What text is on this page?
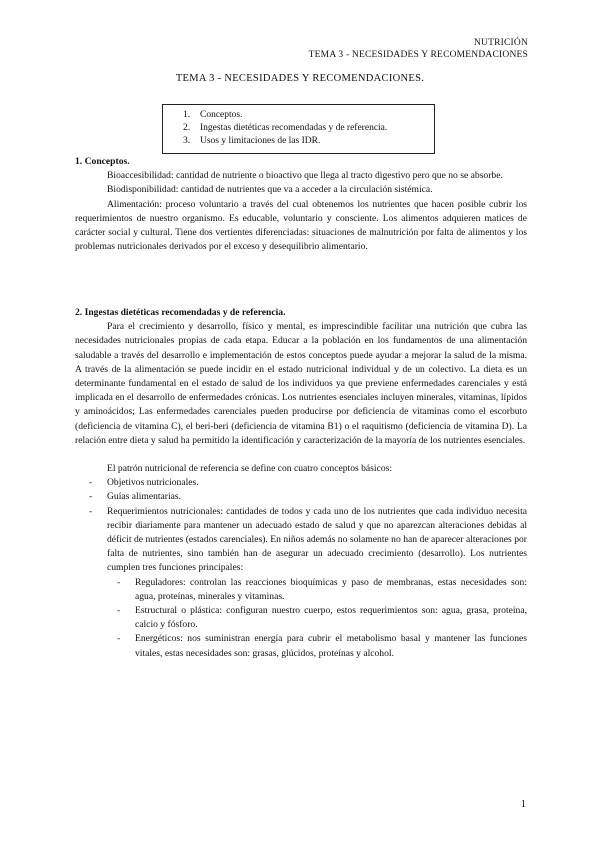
NUTRICIÓN
TEMA 3 - NECESIDADES Y RECOMENDACIONES
TEMA 3 - NECESIDADES Y RECOMENDACIONES.
1.	Conceptos.
2.	Ingestas dietéticas recomendadas y de referencia.
3.	Usos y limitaciones de las IDR.

1. Conceptos.

Bioaccesibilidad: cantidad de nutriente o bioactivo que llega al tracto digestivo pero que no se absorbe.

Biodisponibilidad: cantidad de nutrientes que va a acceder a la circulación sistémica.

Alimentación: proceso voluntario a través del cual obtenemos los nutrientes que hacen posible cubrir los requerimientos de nuestro organismo. Es educable, voluntario y consciente. Los alimentos adquieren matices de carácter social y cultural. Tiene dos vertientes diferenciadas: situaciones de malnutrición por falta de alimentos y los problemas nutricionales derivados por el exceso y desequilibrio alimentario.

2. Ingestas dietéticas recomendadas y de referencia.

Para el crecimiento y desarrollo, físico y mental, es imprescindible facilitar una nutrición que cubra las necesidades nutricionales propias de cada etapa. Educar a la población en los fundamentos de una alimentación saludable a través del desarrollo e implementación de estos conceptos puede ayudar a mejorar la salud de la misma. A través de la alimentación se puede incidir en el estado nutricional individual y de un colectivo. La dieta es un determinante fundamental en el estado de salud de los individuos ya que previene enfermedades carenciales y está implicada en el desarrollo de enfermedades crónicas. Los nutrientes esenciales incluyen minerales, vitaminas, lípidos y aminoácidos; Las enfermedades carenciales pueden producirse por deficiencia de vitaminas como el escorbuto (deficiencia de vitamina C), el beri-beri (deficiencia de vitamina B1) o el raquitismo (deficiencia de vitamina D). La relación entre dieta y salud ha permitido la identificación y caracterización de la mayoría de los nutrientes esenciales.

El patrón nutricional de referencia se define con cuatro conceptos básicos:

- Objetivos nutricionales.
- Guías alimentarias.
- Requerimientos nutricionales: cantidades de todos y cada uno de los nutrientes que cada individuo necesita recibir diariamente para mantener un adecuado estado de salud y que no aparezcan alteraciones debidas al déficit de nutrientes (estados carenciales). En niños además no solamente no han de aparecer alteraciones por falta de nutrientes, sino también han de asegurar un adecuado crecimiento (desarrollo). Los nutrientes cumplen tres funciones principales:
- Reguladores: controlan las reacciones bioquímicas y paso de membranas, estas necesidades son: agua, proteínas, minerales y vitaminas.
- Estructural o plástica: configuran nuestro cuerpo, estos requerimientos son: agua, grasa, proteína, calcio y fósforo.
- Energéticos: nos suministran energía para cubrir el metabolismo basal y mantener las funciones vitales, estas necesidades son: grasas, glúcidos, proteínas y alcohol.
1
